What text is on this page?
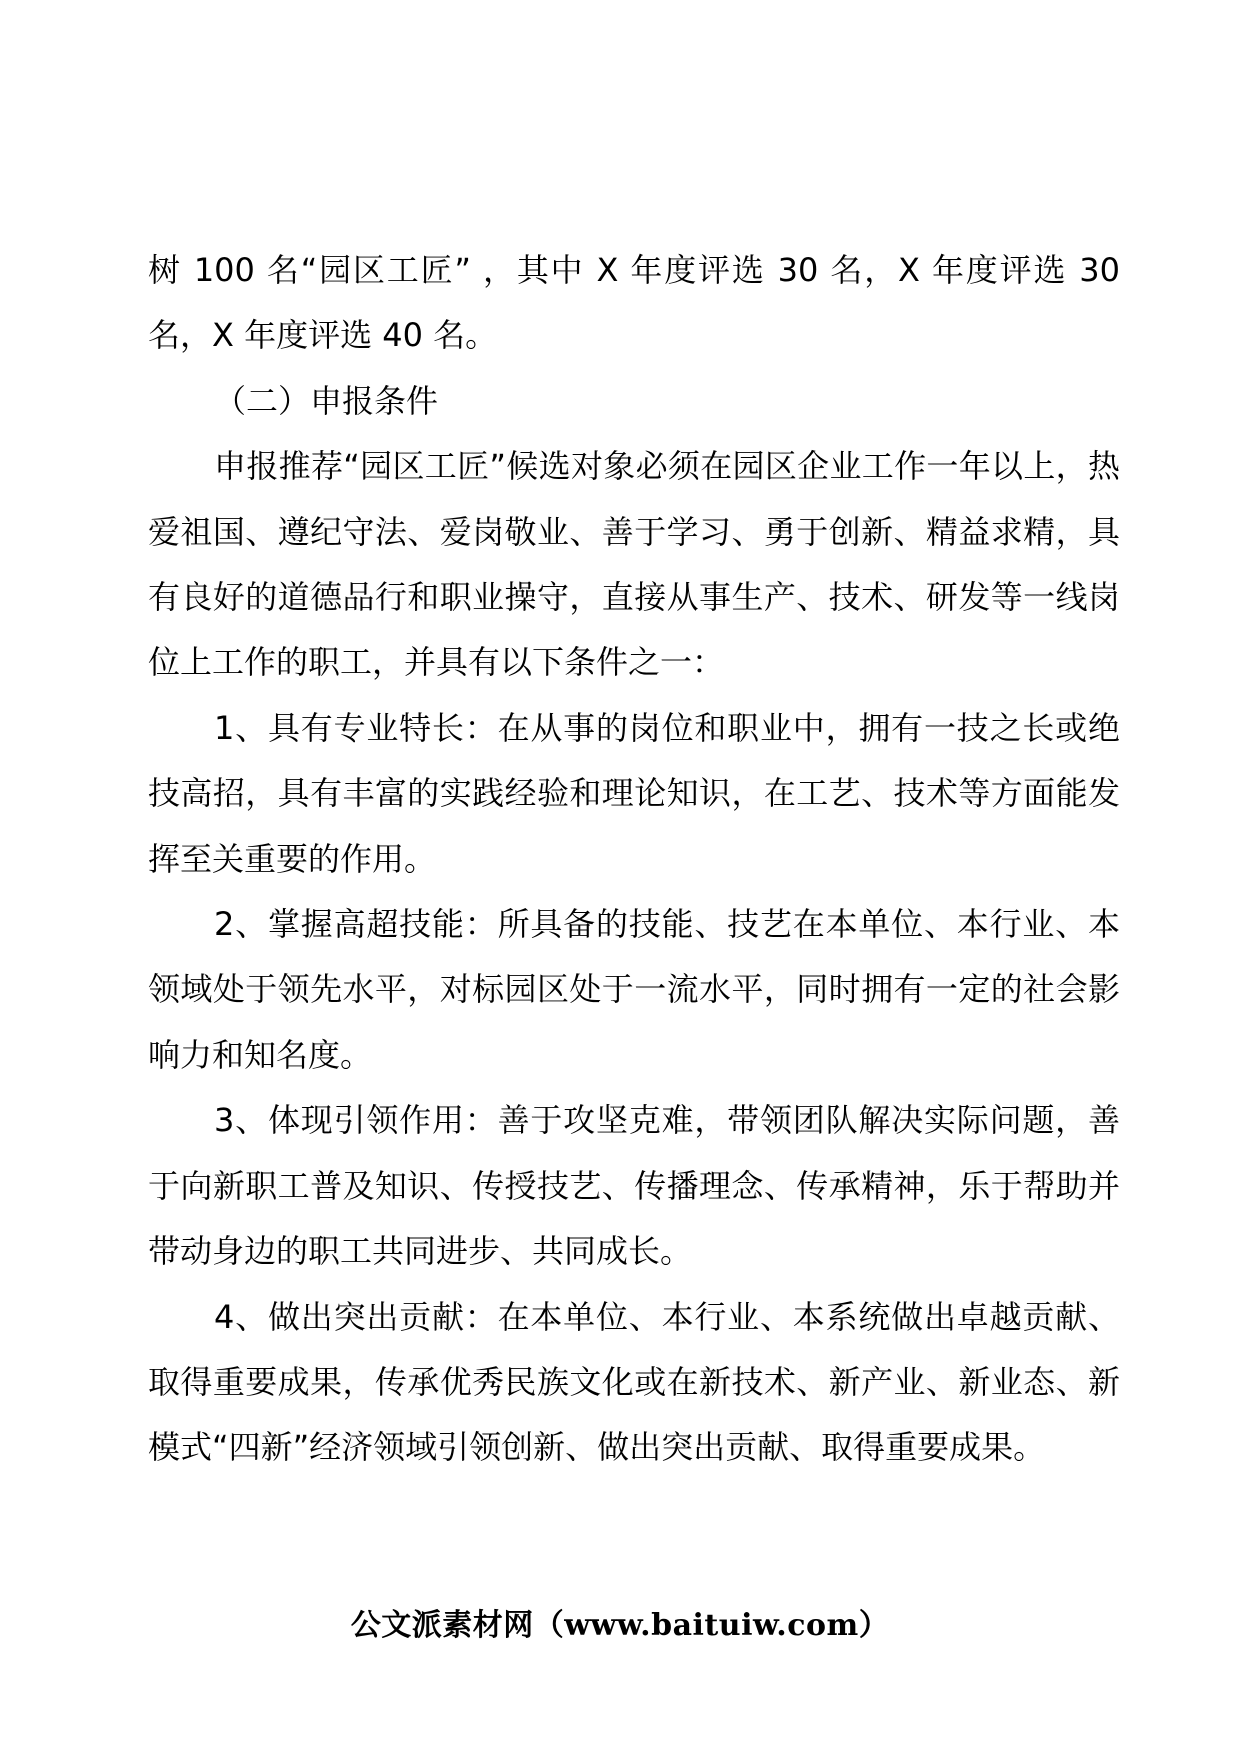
树 100 名“园区工匠” ，其中 X 年度评选 30 名，X 年度评选 30 名，X 年度评选 40 名。

（二）申报条件

申报推荐“园区工匠”候选对象必须在园区企业工作一年以上，热爱祖国、遵纪守法、爱岗敬业、善于学习、勇于创新、精益求精，具有良好的道德品行和职业操守，直接从事生产、技术、研发等一线岗位上工作的职工，并具有以下条件之一：

1、具有专业特长：在从事的岗位和职业中，拥有一技之长或绝技高招，具有丰富的实践经验和理论知识，在工艺、技术等方面能发挥至关重要的作用。

2、掌握高超技能：所具备的技能、技艺在本单位、本行业、本领域处于领先水平，对标园区处于一流水平，同时拥有一定的社会影响力和知名度。

3、体现引领作用：善于攻坚克难，带领团队解决实际问题，善于向新职工普及知识、传授技艺、传播理念、传承精神，乐于帮助并带动身边的职工共同进步、共同成长。

4、做出突出贡献：在本单位、本行业、本系统做出卓越贡献、取得重要成果，传承优秀民族文化或在新技术、新产业、新业态、新模式“四新”经济领域引领创新、做出突出贡献、取得重要成果。

公文派素材网（www.baituiw.com）
